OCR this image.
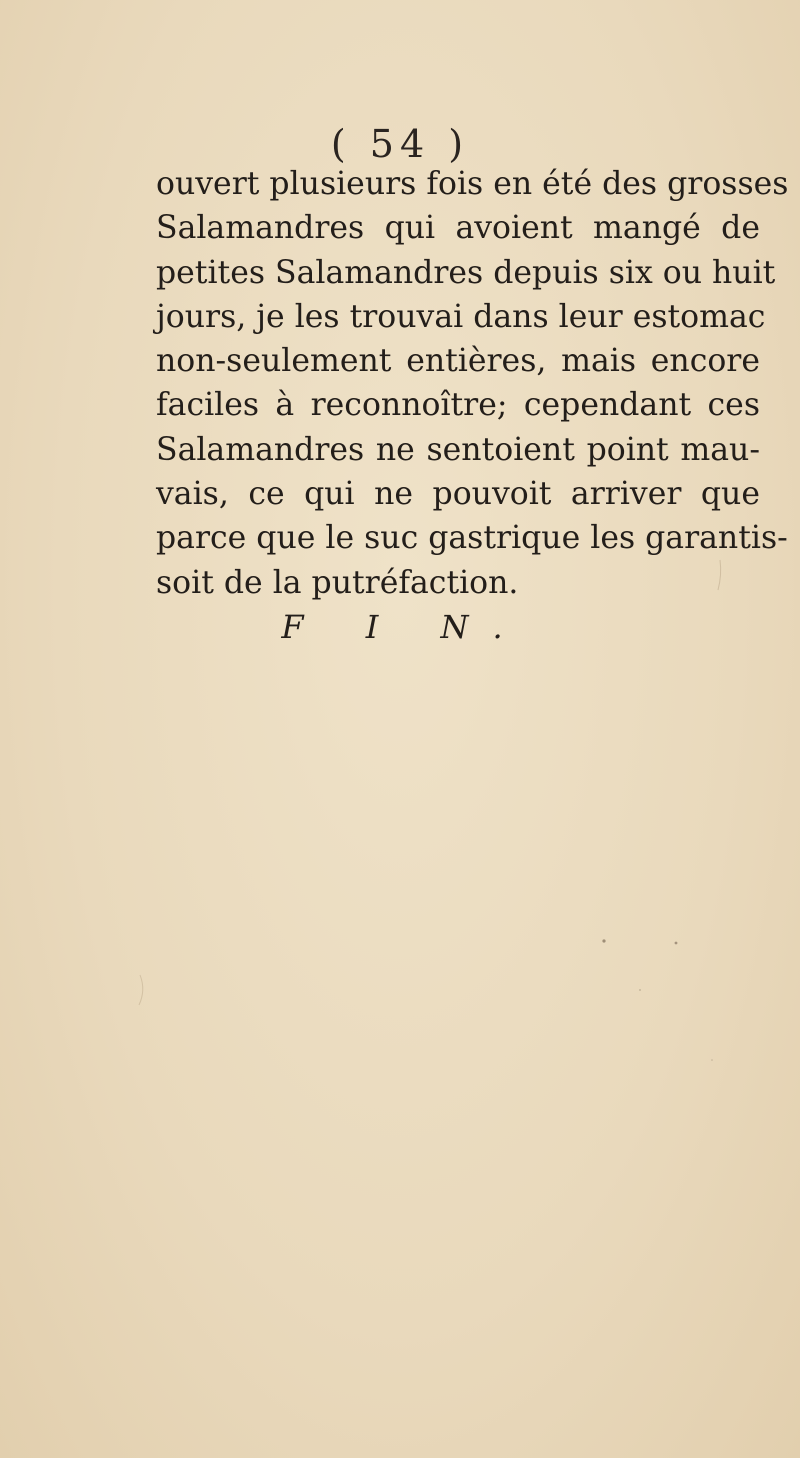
( 54 )
ouvert plusieurs fois en été des grosses
Salamandres qui avoient mangé de
petites Salamandres depuis six ou huit
jours, je les trouvai dans leur estomac
non-seulement entières, mais encore
faciles à reconnoître; cependant ces
Salamandres ne sentoient point mau-
vais, ce qui ne pouvoit arriver que
parce que le suc gastrique les garantis-
soit de la putréfaction.
F I N.
